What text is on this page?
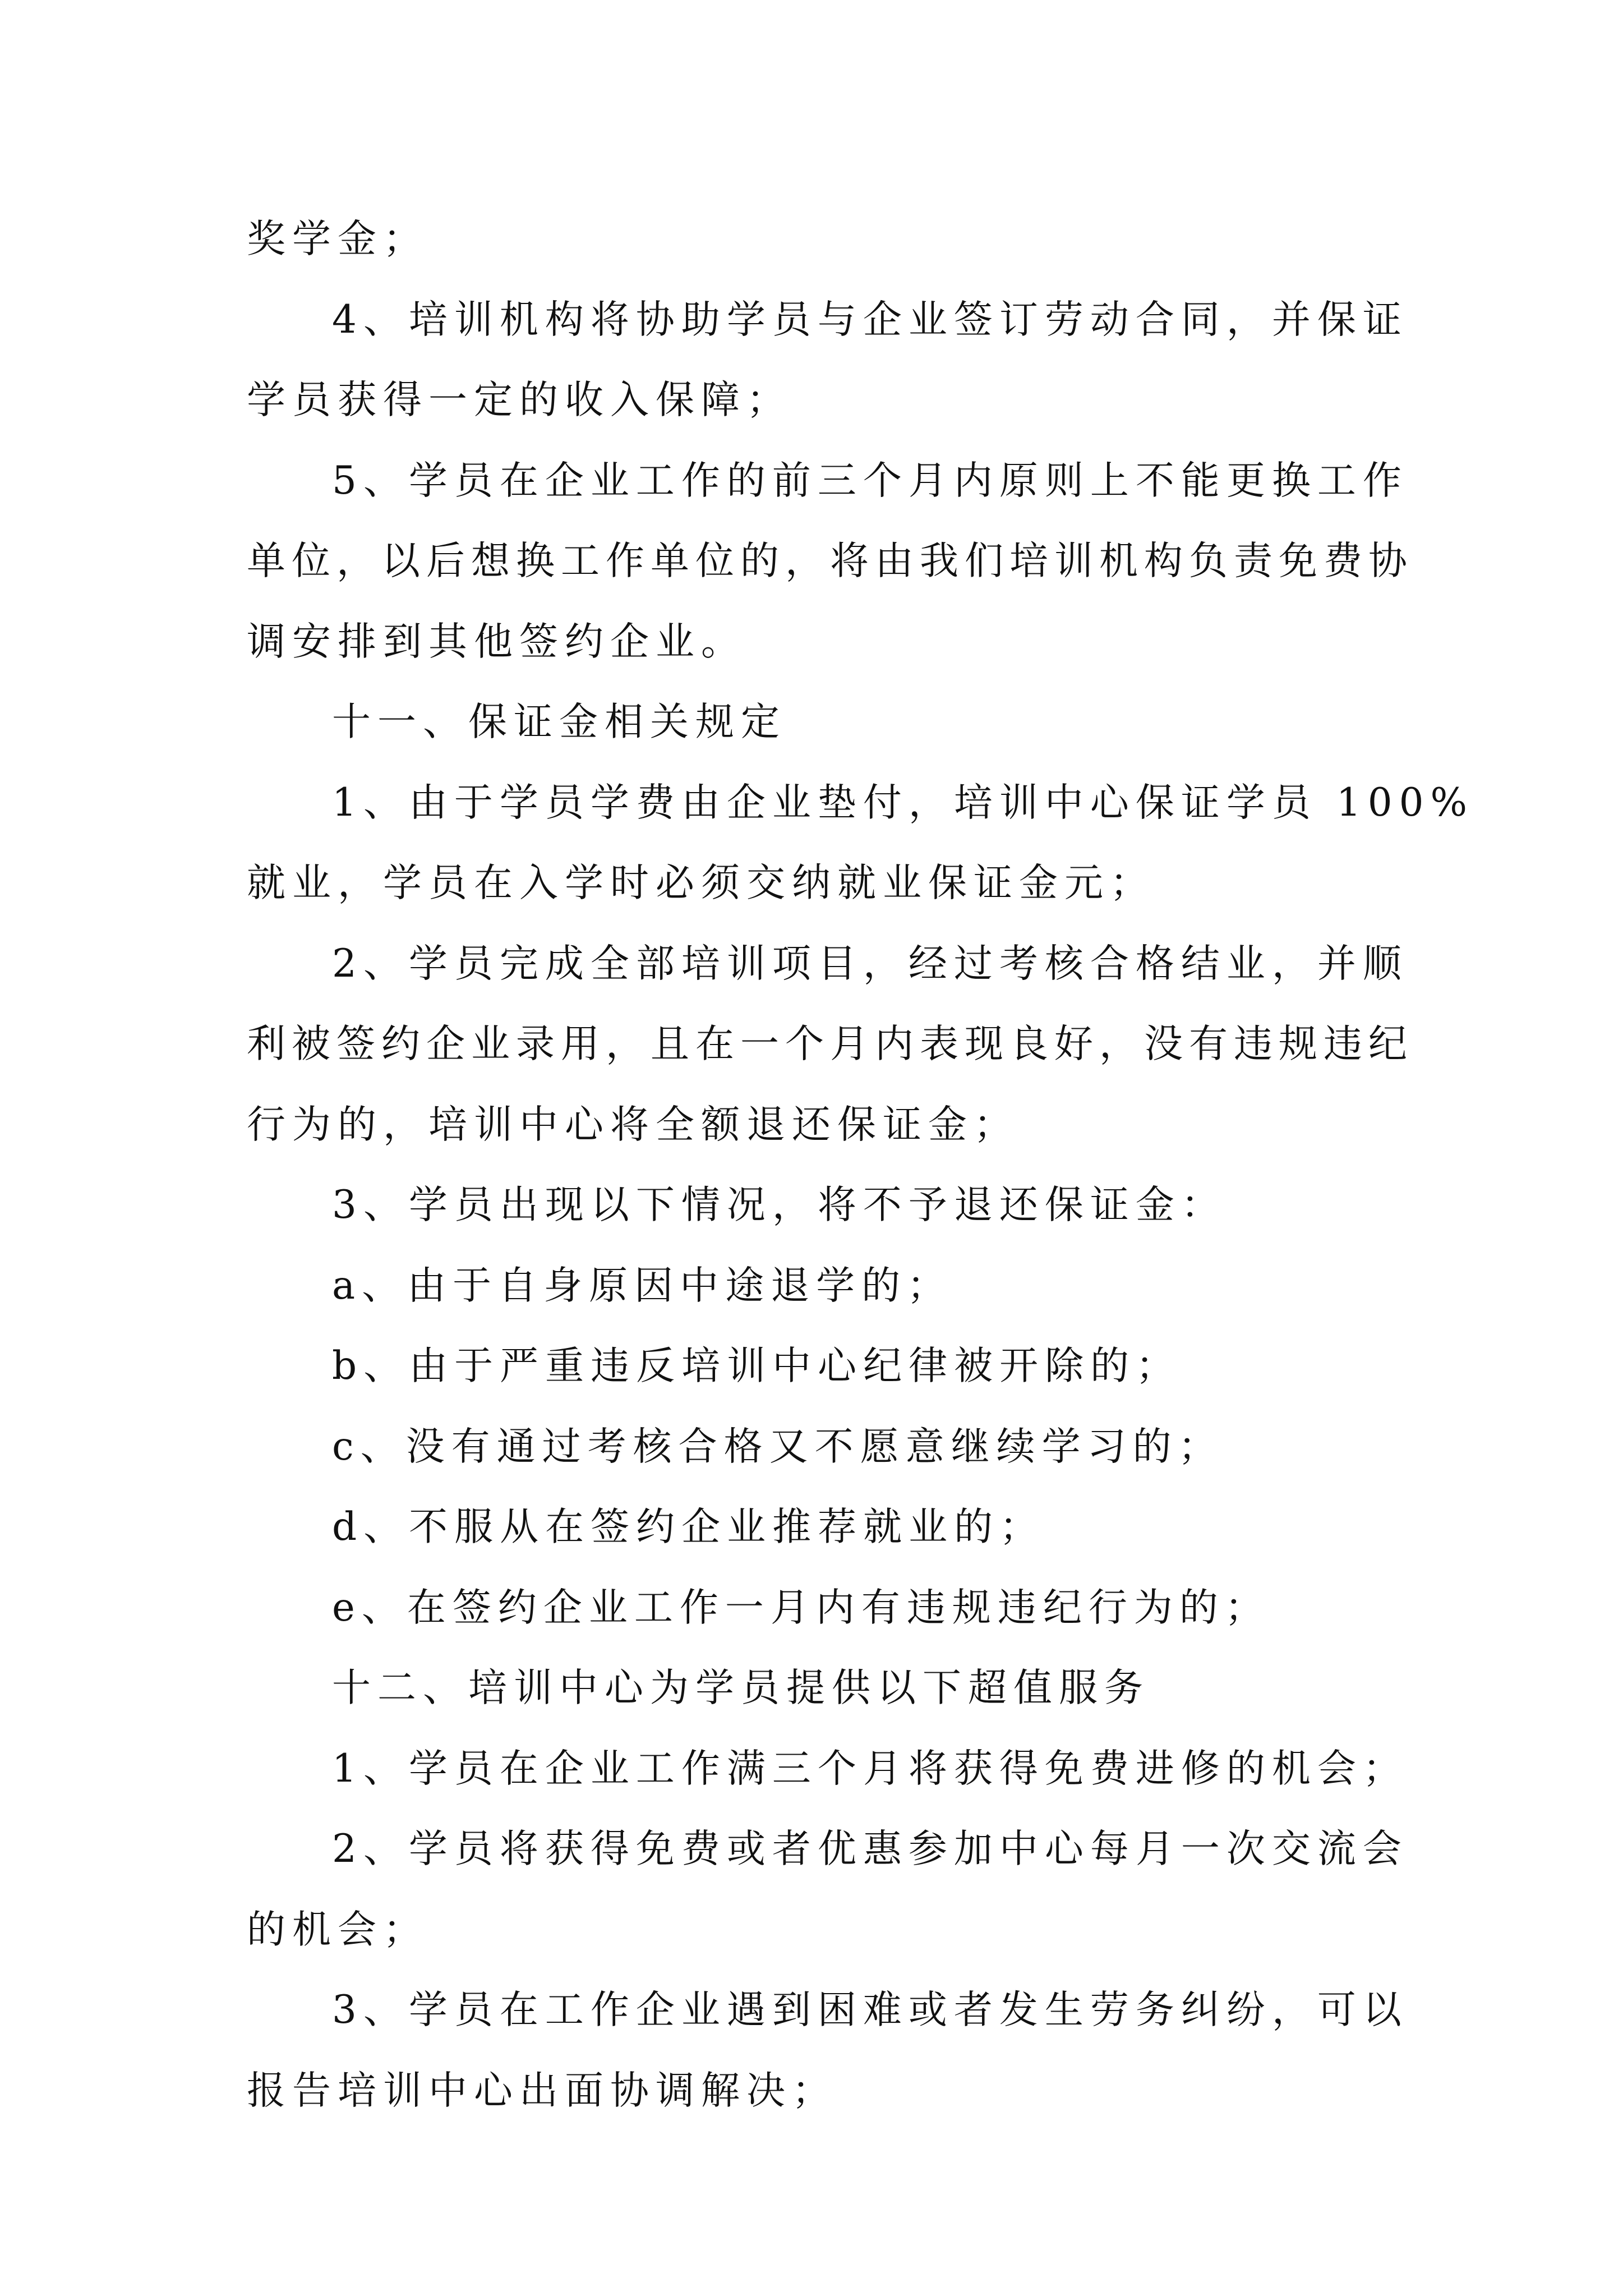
奖学金；
4、培训机构将协助学员与企业签订劳动合同，并保证
学员获得一定的收入保障；
5、学员在企业工作的前三个月内原则上不能更换工作
单位，以后想换工作单位的，将由我们培训机构负责免费协
调安排到其他签约企业。
十一、保证金相关规定
1、由于学员学费由企业垫付，培训中心保证学员 100%
就业，学员在入学时必须交纳就业保证金元；
2、学员完成全部培训项目，经过考核合格结业，并顺
利被签约企业录用，且在一个月内表现良好，没有违规违纪
行为的，培训中心将全额退还保证金；
3、学员出现以下情况，将不予退还保证金：
a、由于自身原因中途退学的；
b、由于严重违反培训中心纪律被开除的；
c、没有通过考核合格又不愿意继续学习的；
d、不服从在签约企业推荐就业的；
e、在签约企业工作一月内有违规违纪行为的；
十二、培训中心为学员提供以下超值服务
1、学员在企业工作满三个月将获得免费进修的机会；
2、学员将获得免费或者优惠参加中心每月一次交流会
的机会；
3、学员在工作企业遇到困难或者发生劳务纠纷，可以
报告培训中心出面协调解决；
